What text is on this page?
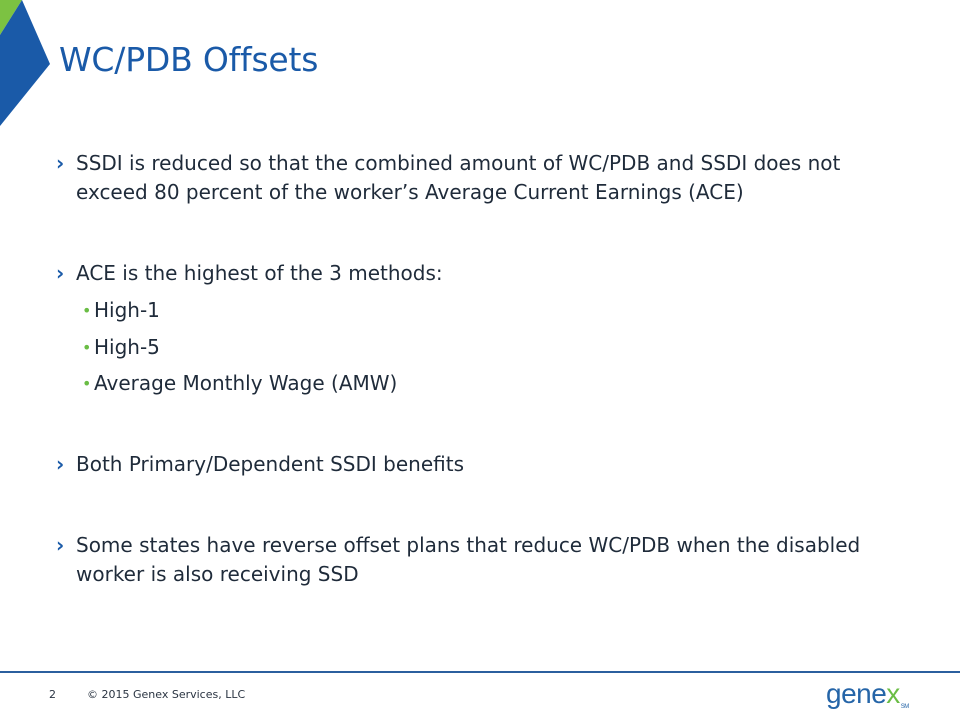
WC/PDB Offsets
› SSDI is reduced so that the combined amount of WC/PDB and SSDI does not exceed 80 percent of the worker’s Average Current Earnings (ACE)
› ACE is the highest of the 3 methods:
• High-1
• High-5
• Average Monthly Wage (AMW)
› Both Primary/Dependent SSDI benefits
› Some states have reverse offset plans that reduce WC/PDB when the disabled worker is also receiving SSD
2	© 2015 Genex Services, LLC	genexSM
